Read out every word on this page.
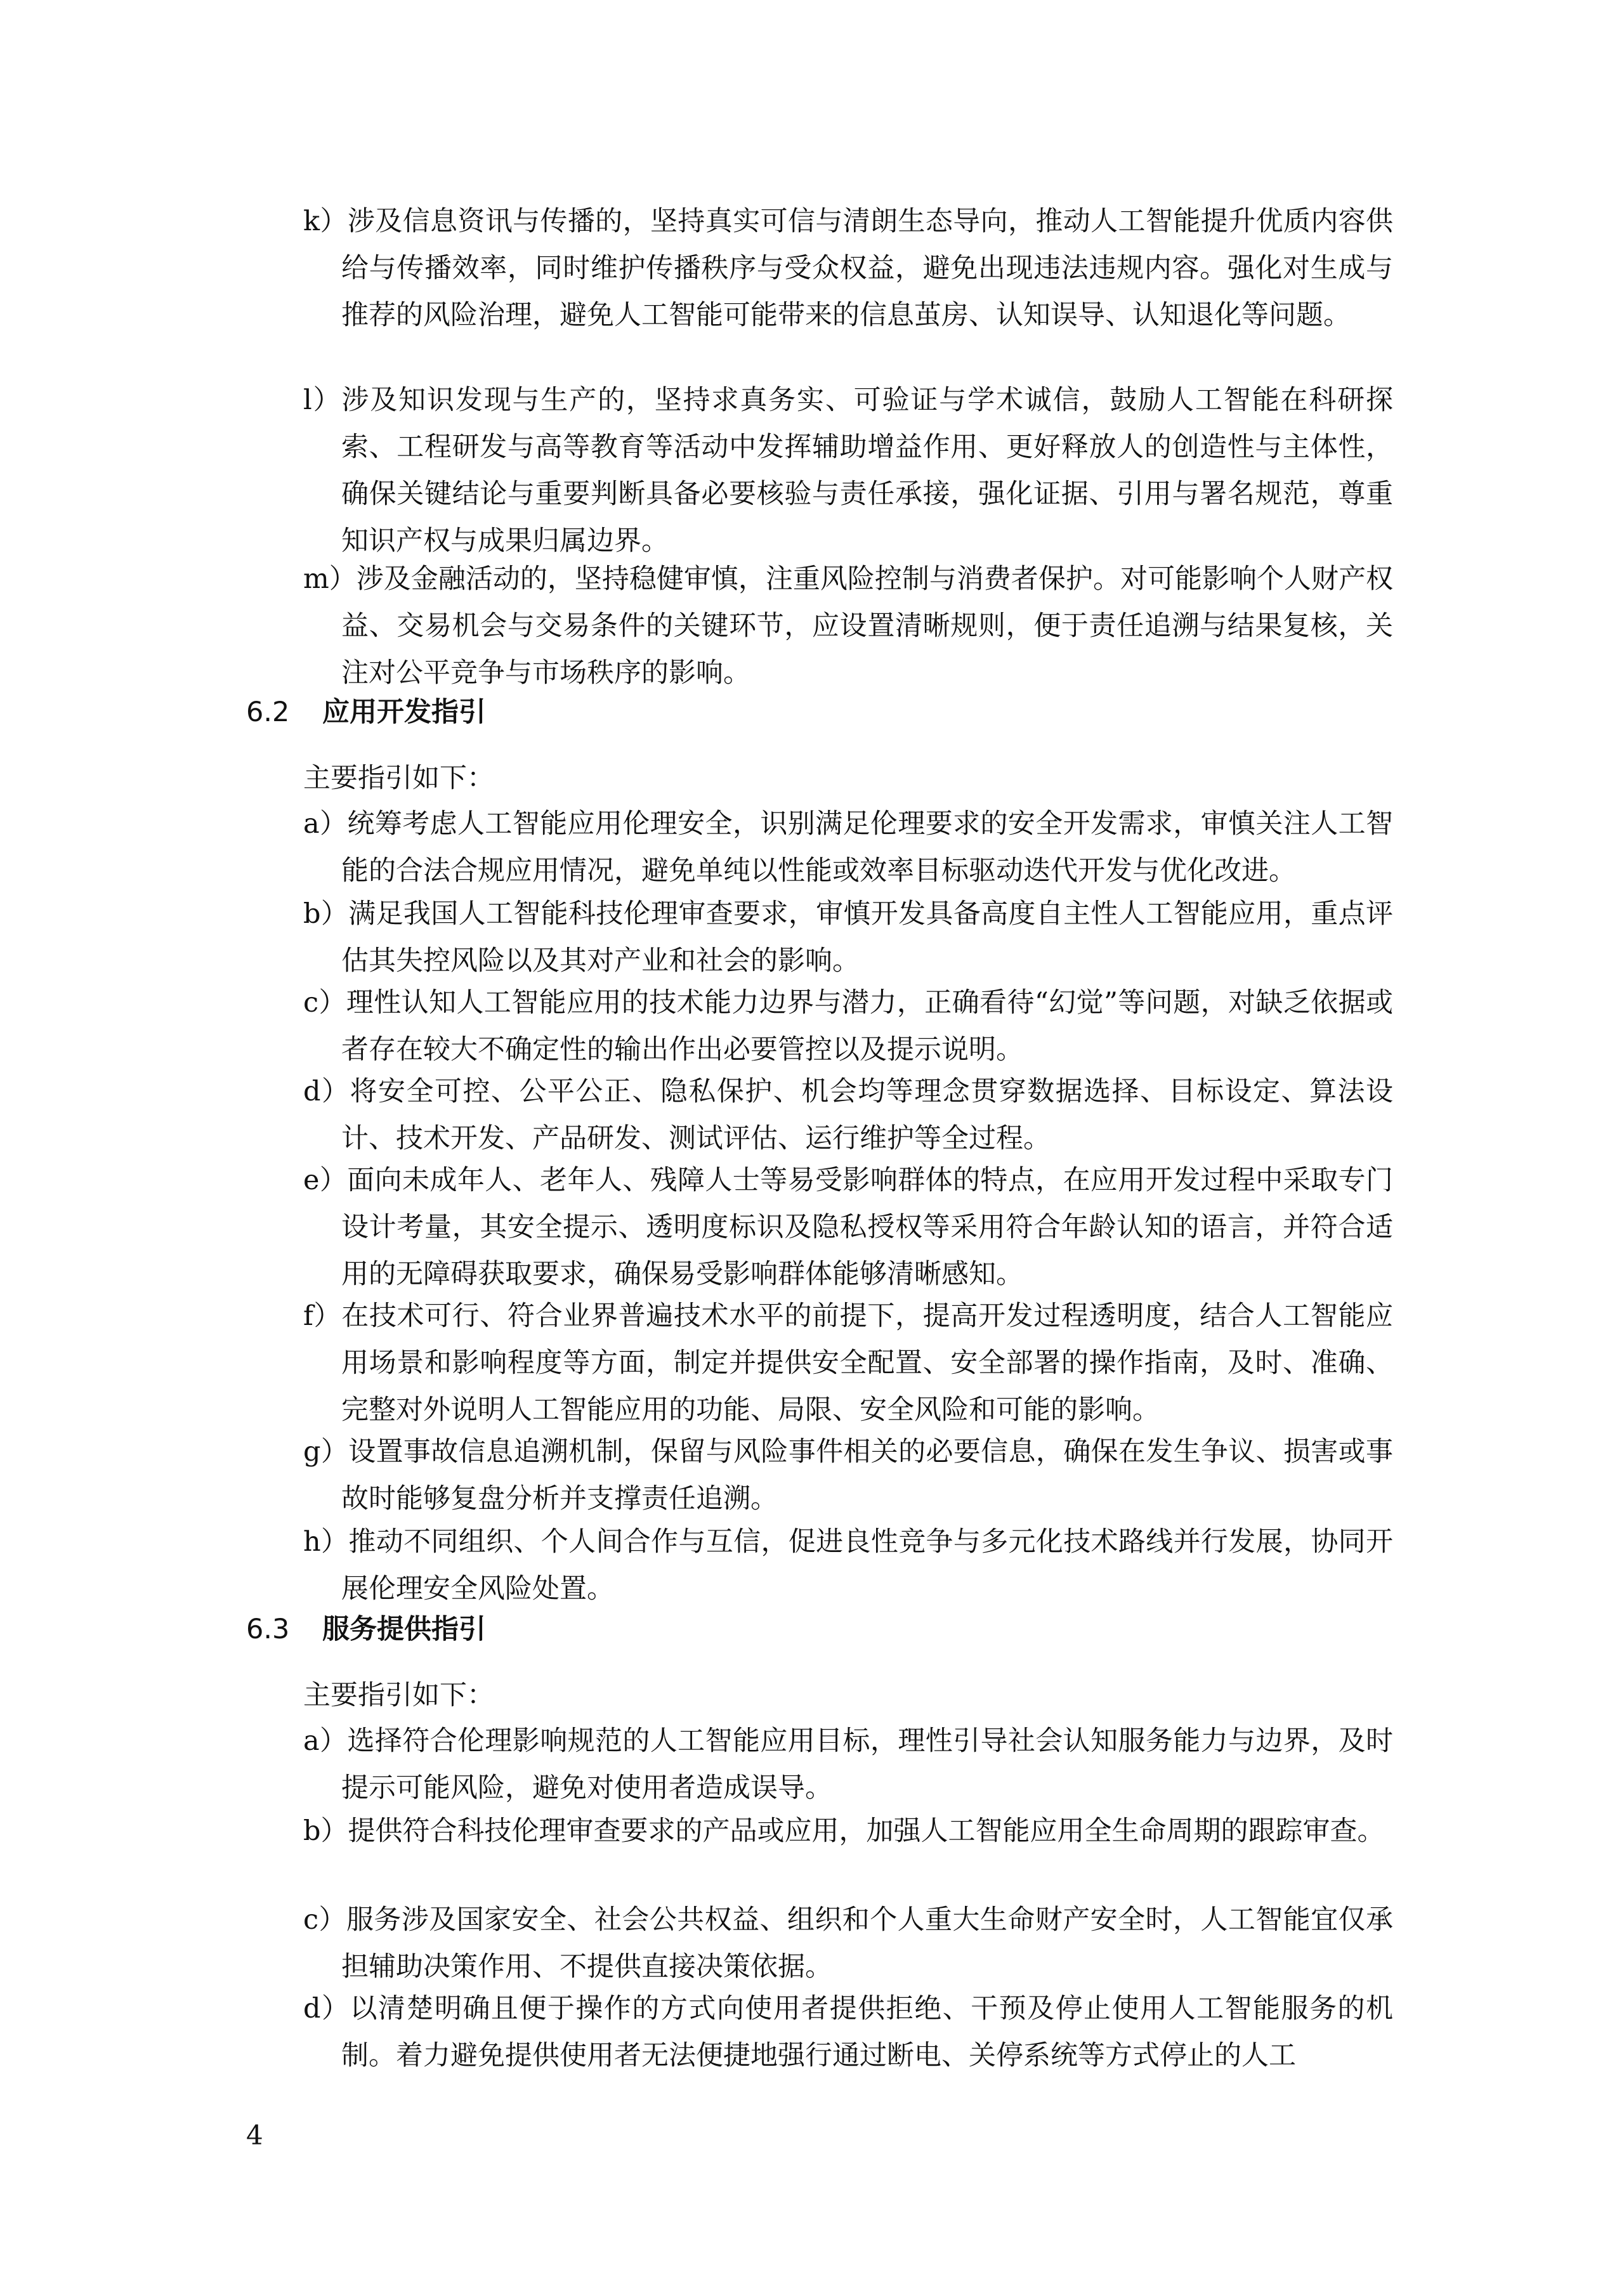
k）涉及信息资讯与传播的，坚持真实可信与清朗生态导向，推动人工智能提升优质内容供给与传播效率，同时维护传播秩序与受众权益，避免出现违法违规内容。强化对生成与推荐的风险治理，避免人工智能可能带来的信息茧房、认知误导、认知退化等问题。
l）涉及知识发现与生产的，坚持求真务实、可验证与学术诚信，鼓励人工智能在科研探索、工程研发与高等教育等活动中发挥辅助增益作用、更好释放人的创造性与主体性，确保关键结论与重要判断具备必要核验与责任承接，强化证据、引用与署名规范，尊重知识产权与成果归属边界。
m）涉及金融活动的，坚持稳健审慎，注重风险控制与消费者保护。对可能影响个人财产权益、交易机会与交易条件的关键环节，应设置清晰规则，便于责任追溯与结果复核，关注对公平竞争与市场秩序的影响。
6.2 应用开发指引
主要指引如下：
a）统筹考虑人工智能应用伦理安全，识别满足伦理要求的安全开发需求，审慎关注人工智能的合法合规应用情况，避免单纯以性能或效率目标驱动迭代开发与优化改进。
b）满足我国人工智能科技伦理审查要求，审慎开发具备高度自主性人工智能应用，重点评估其失控风险以及其对产业和社会的影响。
c）理性认知人工智能应用的技术能力边界与潜力，正确看待“幻觉”等问题，对缺乏依据或者存在较大不确定性的输出作出必要管控以及提示说明。
d）将安全可控、公平公正、隐私保护、机会均等理念贯穿数据选择、目标设定、算法设计、技术开发、产品研发、测试评估、运行维护等全过程。
e）面向未成年人、老年人、残障人士等易受影响群体的特点，在应用开发过程中采取专门设计考量，其安全提示、透明度标识及隐私授权等采用符合年龄认知的语言，并符合适用的无障碍获取要求，确保易受影响群体能够清晰感知。
f）在技术可行、符合业界普遍技术水平的前提下，提高开发过程透明度，结合人工智能应用场景和影响程度等方面，制定并提供安全配置、安全部署的操作指南，及时、准确、完整对外说明人工智能应用的功能、局限、安全风险和可能的影响。
g）设置事故信息追溯机制，保留与风险事件相关的必要信息，确保在发生争议、损害或事故时能够复盘分析并支撑责任追溯。
h）推动不同组织、个人间合作与互信，促进良性竞争与多元化技术路线并行发展，协同开展伦理安全风险处置。
6.3 服务提供指引
主要指引如下：
a）选择符合伦理影响规范的人工智能应用目标，理性引导社会认知服务能力与边界，及时提示可能风险，避免对使用者造成误导。
b）提供符合科技伦理审查要求的产品或应用，加强人工智能应用全生命周期的跟踪审查。
c）服务涉及国家安全、社会公共权益、组织和个人重大生命财产安全时，人工智能宜仅承担辅助决策作用、不提供直接决策依据。
d）以清楚明确且便于操作的方式向使用者提供拒绝、干预及停止使用人工智能服务的机制。着力避免提供使用者无法便捷地强行通过断电、关停系统等方式停止的人工
4
